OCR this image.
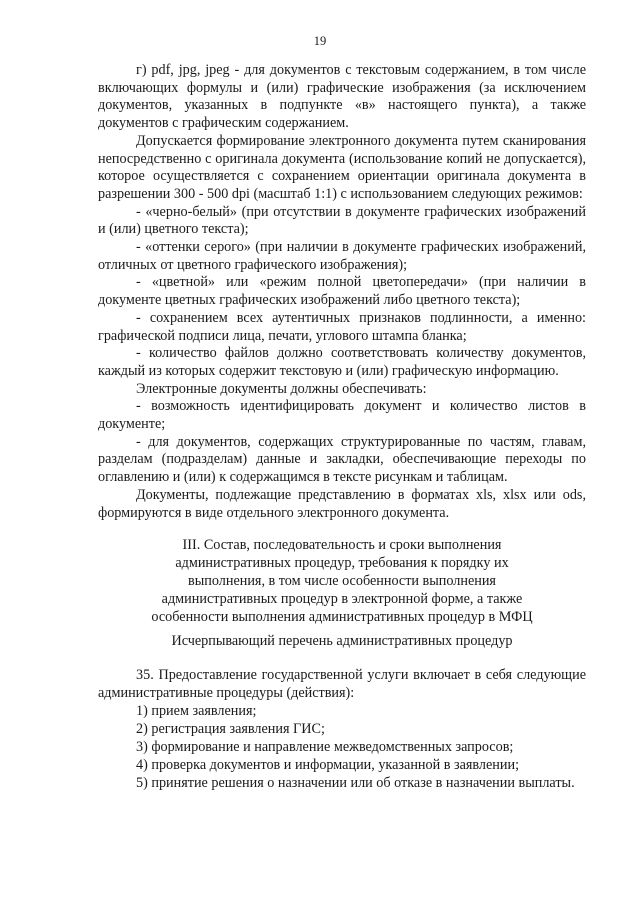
19

г) pdf, jpg, jpeg - для документов с текстовым содержанием, в том числе включающих формулы и (или) графические изображения (за исключением документов, указанных в подпункте «в» настоящего пункта), а также документов с графическим содержанием.

Допускается формирование электронного документа путем сканирования непосредственно с оригинала документа (использование копий не допускается), которое осуществляется с сохранением ориентации оригинала документа в разрешении 300 - 500 dpi (масштаб 1:1) с использованием следующих режимов:

- «черно-белый» (при отсутствии в документе графических изображений и (или) цветного текста);

- «оттенки серого» (при наличии в документе графических изображений, отличных от цветного графического изображения);

- «цветной» или «режим полной цветопередачи» (при наличии в документе цветных графических изображений либо цветного текста);

- сохранением всех аутентичных признаков подлинности, а именно: графической подписи лица, печати, углового штампа бланка;

- количество файлов должно соответствовать количеству документов, каждый из которых содержит текстовую и (или) графическую информацию.

Электронные документы должны обеспечивать:

- возможность идентифицировать документ и количество листов в документе;

- для документов, содержащих структурированные по частям, главам, разделам (подразделам) данные и закладки, обеспечивающие переходы по оглавлению и (или) к содержащимся в тексте рисункам и таблицам.

Документы, подлежащие представлению в форматах xls, xlsx или ods, формируются в виде отдельного электронного документа.

III. Состав, последовательность и сроки выполнения
административных процедур, требования к порядку их
выполнения, в том числе особенности выполнения
административных процедур в электронной форме, а также
особенности выполнения административных процедур в МФЦ
Исчерпывающий перечень административных процедур

35. Предоставление государственной услуги включает в себя следующие административные процедуры (действия):

1) прием заявления;

2) регистрация заявления ГИС;

3) формирование и направление межведомственных запросов;

4) проверка документов и информации, указанной в заявлении;

5) принятие решения о назначении или об отказе в назначении выплаты.
